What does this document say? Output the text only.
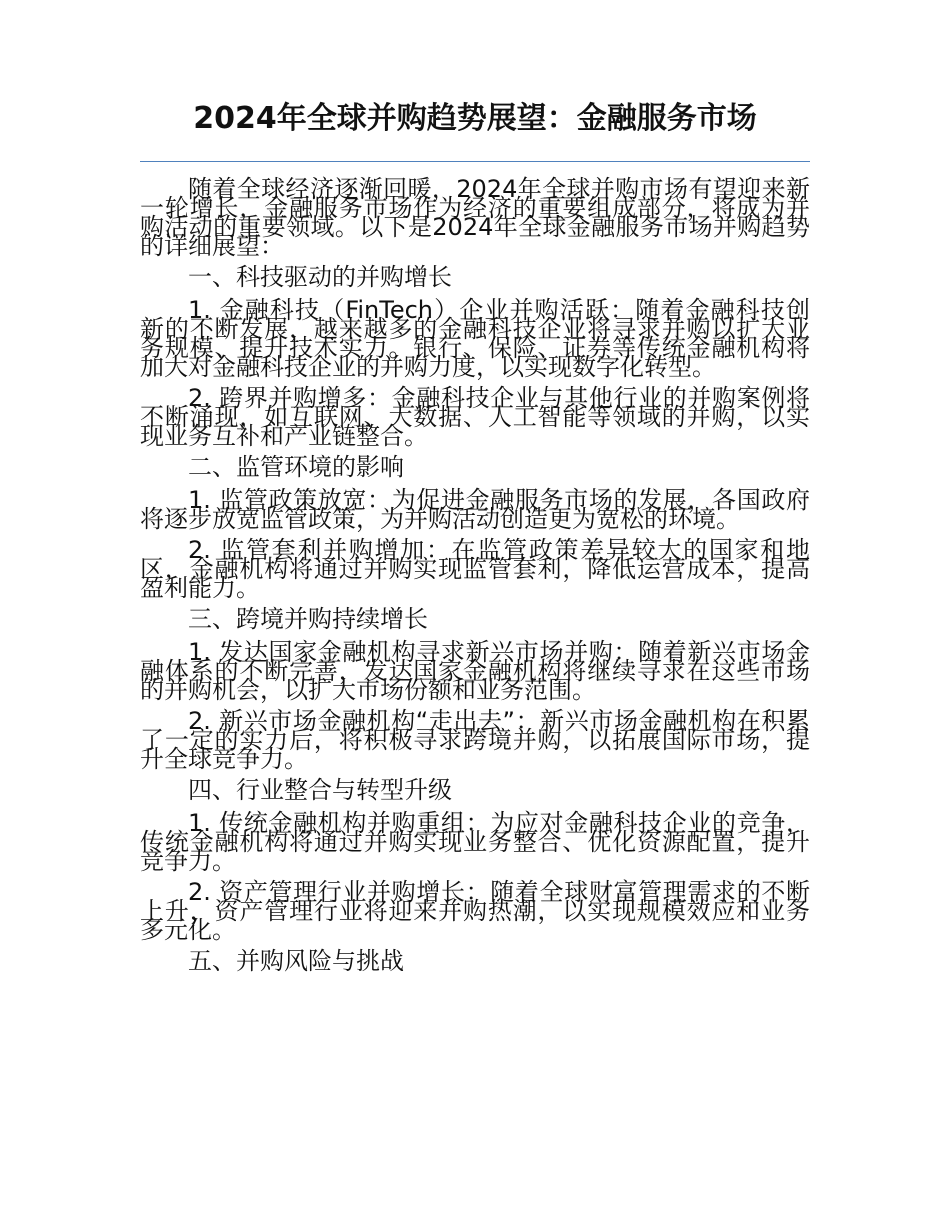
2024年全球并购趋势展望：金融服务市场

随着全球经济逐渐回暖，2024年全球并购市场有望迎来新一轮增长，金融服务市场作为经济的重要组成部分，将成为并购活动的重要领域。以下是2024年全球金融服务市场并购趋势的详细展望：

一、科技驱动的并购增长

1. 金融科技（FinTech）企业并购活跃：随着金融科技创新的不断发展，越来越多的金融科技企业将寻求并购以扩大业务规模、提升技术实力。银行、保险、证券等传统金融机构将加大对金融科技企业的并购力度，以实现数字化转型。

2. 跨界并购增多：金融科技企业与其他行业的并购案例将不断涌现，如互联网、大数据、人工智能等领域的并购，以实现业务互补和产业链整合。

二、监管环境的影响

1. 监管政策放宽：为促进金融服务市场的发展，各国政府将逐步放宽监管政策，为并购活动创造更为宽松的环境。

2. 监管套利并购增加：在监管政策差异较大的国家和地区，金融机构将通过并购实现监管套利，降低运营成本，提高盈利能力。

三、跨境并购持续增长

1. 发达国家金融机构寻求新兴市场并购：随着新兴市场金融体系的不断完善，发达国家金融机构将继续寻求在这些市场的并购机会，以扩大市场份额和业务范围。

2. 新兴市场金融机构“走出去”：新兴市场金融机构在积累了一定的实力后，将积极寻求跨境并购，以拓展国际市场，提升全球竞争力。

四、行业整合与转型升级

1. 传统金融机构并购重组：为应对金融科技企业的竞争，传统金融机构将通过并购实现业务整合、优化资源配置，提升竞争力。

2. 资产管理行业并购增长：随着全球财富管理需求的不断上升，资产管理行业将迎来并购热潮，以实现规模效应和业务多元化。

五、并购风险与挑战
